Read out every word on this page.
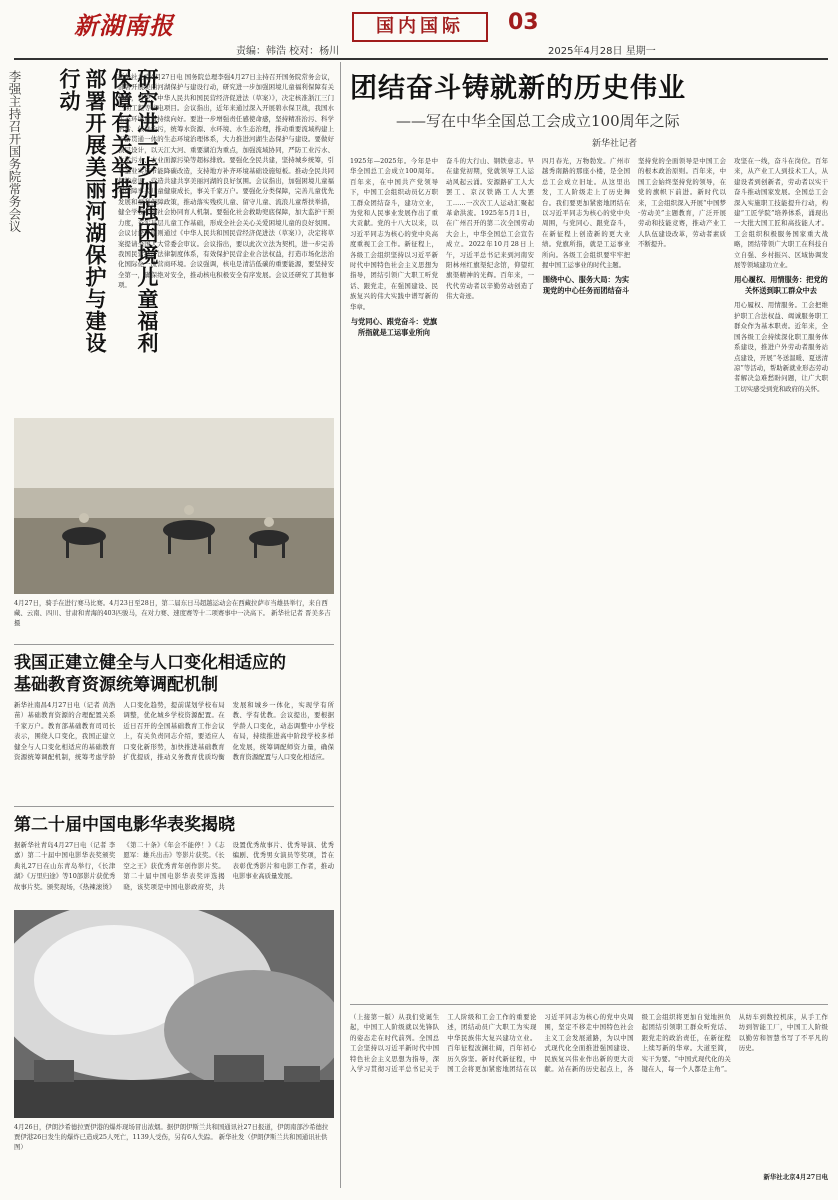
新湖南报	国内国际	03
责编：韩浩 校对：杨川	2025年4月28日 星期一
李强主持召开国务院常务会议	研究进一步加强困境儿童福利保障有关举措
部署开展美丽河湖保护与建设行动	新华社北京4月27日电 国务院总理李强4月27日主持召开国务院常务会议，部署开展美丽河湖保护与建设行动，研究进一步加强困境儿童福利保障有关举措，讨论《中华人民共和国民营经济促进法（草案）》，决定核准浙江三门三期工程等核电项目。会议指出，近年来通过深入开展碧水保卫战，我国水生态环境质量持续向好。要进一步增强责任感使命感，坚持精准治污、科学治污、依法治污，统筹水资源、水环境、水生态治理，推动重要流域构建上下游贯通一体的生态环境治理体系，大力推进河湖生态保护与建设。要做好顶层设计，以天江大河、重要湖泊为重点，加强流域协同，严防工业污水、生活污水、农业面源污染等超标排放。要强化全民共建，坚持城乡统筹，引导企业实施节能降碳改造，支持地方补齐环境基础设施短板。推动全民共同保护意识，营造共建共享美丽河湖的良好氛围。会议指出，加强困境儿童福利保障事关儿童健康成长，事关千家万户。要强化分类保障，完善儿童优先发展和福利保障政策，推动落实残疾儿童、留守儿童、流浪儿童帮扶举措，健全学校家庭社会协同育人机制。要强化社会救助兜底保障，加大监护干预力度，夯实基层儿童工作基础，形成全社会关心关爱困境儿童的良好氛围。会议讨论并原则通过《中华人民共和国民营经济促进法（草案）》，决定将草案提请全国人大常委会审议。会议指出，要以此次立法为契机，进一步完善我国民营经济法律制度体系，有效保护民营企业合法权益，打造市场化法治化国际化一流营商环境。会议强调，核电是清洁低碳的重要能源，要坚持安全第一，确保绝对安全，推动核电积极安全有序发展。会议还研究了其他事项。
4月27日，骑手在进行赛马比赛。4月23日至28日，第二届东日马超越运动会在西藏拉萨市当雄县举行，来自西藏、云南、四川、甘肃和青海的403匹骏马，在对力赛、速度赛等十二项赛事中一决高下。 新华社记者 晋美多吉 摄
我国正建立健全与人口变化相适应的
基础教育资源统筹调配机制
新华社南昌4月27日电（记者 黄浩苗）基础教育资源的合理配置关系千家万户。教育部基础教育司司长表示，围绕人口变化，我国正建立健全与人口变化相适应的基础教育资源统筹调配机制，统筹考虑学龄人口变化趋势，提前谋划学校布局调整，优化城乡学校资源配置。在近日召开的全国基础教育工作会议上，有关负责同志介绍，要适应人口变化新形势，加快推进基础教育扩优提质，推动义务教育优质均衡发展和城乡一体化，实现学有所教、学有优教。会议提出，要根据学龄人口变化，动态调整中小学校布局，持续推进高中阶段学校多样化发展，统筹调配师资力量，确保教育资源配置与人口变化相适应。
第二十届中国电影华表奖揭晓
据新华社青岛4月27日电（记者 李嘉）第二十届中国电影华表奖颁奖典礼27日在山东青岛举行，《长津湖》《万里归途》等10部影片获优秀故事片奖。颁奖现场，《热辣滚烫》《第二十条》《年会不能停！》《志愿军：雄兵出击》等影片获奖。《长空之王》获优秀青年创作影片奖。第二十届中国电影华表奖评选揭晓，该奖项是中国电影政府奖，共设置优秀故事片、优秀导演、优秀编剧、优秀男女演员等奖项，旨在表彰优秀影片和电影工作者，推动电影事业高质量发展。
4月26日，伊朗沙希德拉贾伊港的爆炸现场冒出浓烟。据伊朗伊斯兰共和国通讯社27日报道，伊朗南部沙希德拉贾伊港26日发生的爆炸已造成25人死亡，1139人受伤，另有6人失踪。 新华社发（伊朗伊斯兰共和国通讯社供图）
团结奋斗铸就新的历史伟业
——写在中华全国总工会成立100周年之际
新华社记者
1925年—2025年。今年是中华全国总工会成立100周年。百年来，在中国共产党领导下，中国工会组织动员亿万职工群众团结奋斗，建功立业，为党和人民事业发展作出了重大贡献。党的十八大以来，以习近平同志为核心的党中央高度重视工会工作。新征程上，各级工会组织坚持以习近平新时代中国特色社会主义思想为指导，团结引领广大职工听党话、跟党走，在强国建设、民族复兴的伟大实践中谱写新的华章。
与党同心、跟党奋斗：党旗所指就是工运事业所向
奋斗的大行山、钢铁意志。早在建党初期，党就领导工人运动风起云涌。安源路矿工人大罢工、京汉铁路工人大罢工……一次次工人运动汇聚起革命洪流。1925年5月1日，在广州召开的第二次全国劳动大会上，中华全国总工会宣告成立。2022年10月28日上午，习近平总书记来到河南安阳林州红旗渠纪念馆，仰望红旗渠精神的光辉。百年来，一代代劳动者以辛勤劳动创造了伟大奇迹。
四月春光，万物勃发。广州市越秀南路的那座小楼，是全国总工会成立旧址。从这里出发，工人阶级走上了历史舞台。我们要更加紧密地团结在以习近平同志为核心的党中央周围，与党同心、跟党奋斗，在新征程上创造新的更大业绩。党旗所指，就是工运事业所向。各级工会组织要牢牢把握中国工运事业的时代主题。
围绕中心、服务大局：为实现党的中心任务而团结奋斗
坚持党的全面领导是中国工会的根本政治原则。百年来，中国工会始终坚持党的领导，在党的旗帜下前进。新时代以来，工会组织深入开展“中国梦·劳动美”主题教育，广泛开展劳动和技能竞赛，推动产业工人队伍建设改革，劳动者素质不断提升。
攻坚在一线，奋斗在岗位。百年来，从产业工人到技术工人，从建设者到创新者，劳动者以实干奋斗推动国家发展。全国总工会深入实施职工技能提升行动，构建“工匠学院”培养体系，涌现出一大批大国工匠和高技能人才。工会组织积极服务国家重大战略，团结带领广大职工在科技自立自强、乡村振兴、区域协调发展等领域建功立业。
用心履权、用情服务：把党的关怀送到职工群众中去
用心履权、用情服务。工会把维护职工合法权益、竭诚服务职工群众作为基本职责。近年来，全国各级工会持续深化职工服务体系建设，推进户外劳动者服务站点建设，开展“冬送温暖、夏送清凉”等活动，帮助新就业形态劳动者解决急难愁盼问题，让广大职工切实感受到党和政府的关怀。
（上接第一版）从我们党诞生起，中国工人阶级就以先锋队的姿态走在时代前列。全国总工会坚持以习近平新时代中国特色社会主义思想为指导，深入学习贯彻习近平总书记关于工人阶级和工会工作的重要论述，团结动员广大职工为实现中华民族伟大复兴建功立业。百年征程波澜壮阔，百年初心历久弥坚。新时代新征程，中国工会将更加紧密地团结在以习近平同志为核心的党中央周围，坚定不移走中国特色社会主义工会发展道路，为以中国式现代化全面推进强国建设、民族复兴伟业作出新的更大贡献。站在新的历史起点上，各级工会组织将更加自觉地担负起团结引领职工群众听党话、跟党走的政治责任，在新征程上续写新的华章。大道至简，实干为要。“中国式现代化的关键在人，每一个人都是主角”。从纺车到数控机床，从手工作坊到智能工厂，中国工人阶级以勤劳和智慧书写了不平凡的历史。
新华社北京4月27日电
